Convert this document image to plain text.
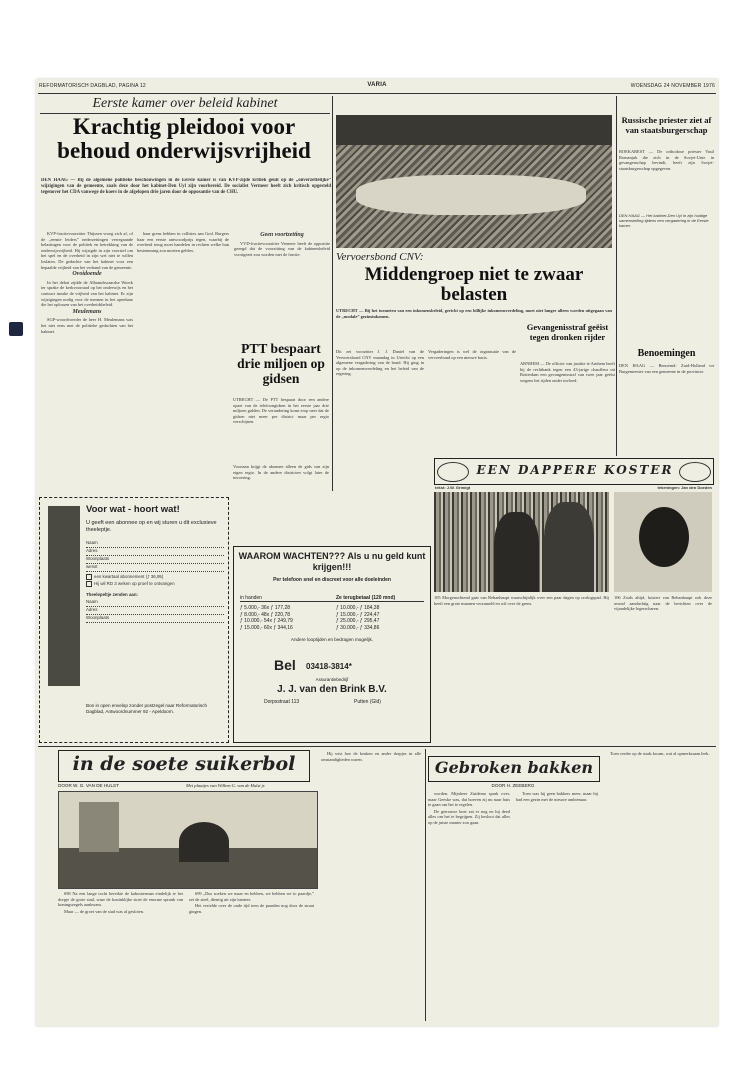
REFORMATORISCH DAGBLAD, PAGINA 12	VARIA	WOENSDAG 24 NOVEMBER 1976
Eerste kamer over beleid kabinet
Krachtig pleidooi voor behoud onderwijsvrijheid
DEN HAAG — Bij de algemene politieke beschouwingen in de Eerste kamer is van KVP-zijde kritiek geuit op de „onverzettelijke” wijzigingen van de gemeente, zoals deze door het kabinet-Den Uyl zijn voorbereid. De socialist Vermeer heeft zich kritisch opgesteld tegenover het CDA vanwege de koers in de afgelopen drie jaren door de opposantie van de CHU.

KVP-fractievoorzitter Thijssen vroeg zich af, of de „eenste leiders” nederzettingen verregaande belastingen voor de politiek en betrekking van de onderwijsvrijheid. Hij wijzigde in zijn voorstel om het spel en de overheid in zijn wet niet te willen loslaten. De gedachte van het kabinet voor een bepaalde vrijheid van het verband van de gemeente.

Ovoidoende

In het debat zijdde de Albrandswaardse Woerk ter sprake de kerkvoorraad op het onderwijs en het contract inzake de vrijheid van het kabinet. Er zijn wijzigingen nodig voor de mensen in het openbaar die het oplossen van het overheidsbeleid.

Meulemans

SGP-woordvoerder de heer H. Meulemans was het niet eens met de politieke gedachten van het kabinet.

haar grens hebben in collisies aan God. Burgers haar een eerste antwoordprijs tegen, waarbij de overheid terug moet handelen in rechten welke hun bestemming zou moeten gelden.

Geen voortzetting

VVD-fractievoorzitter Vermeer heeft de oppositie gezegd dat de voorzitting van de kabinetsbeleid voortgezet zou worden met de fractie.

DEN HAAG — Het kabinet-Den Uyl in zijn huidige samenstelling tijdens een vergadering in de Eerste kamer.
Vervoersbond CNV:
Middengroep niet te zwaar belasten
UTRECHT — Bij het toemeten van een inkomensbeleid, gericht op een billijke inkomensverdeling, moet niet langer alleen worden uitgegaan van de „modale” gezinsinkomen.
Dit zei voorzitter J. J. Daniel van de Vervoersbond CNV maandag in Utrecht op een algemene vergadering van de bond. Hij ging in op de inkomensverdeling en het beleid van de regering.
Vergaderingen is wel de organisatie van de vervoerbond op een nieuwe basis.
PTT bespaart drie miljoen op gidsen
UTRECHT — De PTT bespaart door een andere opzet van de telefoongidsen in het eerste jaar drie miljoen gulden. De verandering komt erop neer dat de gidsen niet meer per district maar per regio verschijnen.
Voortaan krijgt de abonnee alleen de gids van zijn eigen regio. In de andere districten volgt later de invoering.
Gevangenisstraf geëist tegen dronken rijder
ARNHEM — De officier van justitie te Arnhem heeft bij de rechtbank tegen een 43-jarige chauffeur uit Rotterdam een gevangenisstraf van twee jaar geëist wegens het rijden onder invloed.
Russische priester ziet af van staatsburgerschap
BOEKAREST — De orthodoxe priester Vasil Romanjuk die zich in de Sovjet-Unie in gevangenschap bevindt, heeft zijn Sovjet-staatsburgerschap opgegeven.
Benoemingen
DEN HAAG — Benoemd: Zuid-Holland tot Burgemeester van een gemeente in de provincie.
EEN DAPPERE KOSTER
tekst: J.W. Grimigt	tekeningen: Jan den Doeden
105 Morgenochtend gaat van Rebanhaupt waarschijnlijk over een paar dagen op oorlogspad. Hij heeft een grote mannen verzameld en wil over de grens.
106 Zoals altijd, luistert van Rebanhaupt ook deze avond aandachtig naar de berichten over de vijandelijke legerscharen.
Voor wat - hoort wat!
U geeft een abonnee op en wij sturen u dit exclusieve theeleptje.
Naam
Adres
Woonplaats
wenst
een kwartaal abonnement (ƒ 36,95)
Hij wil RD 3 weken op proef te ontvangen
Theelepeltje zenden aan:
Naam
Adres
Woonplaats
Bon in open envelop zonder postzegel naar Reformatorisch Dagblad, Antwoordnummer 92 - Apeldoorn.
WAAROM WACHTEN??? Als u nu geld kunt krijgen!!!
Per telefoon snel en discreet voor alle doeleinden
in handen	Ze terugbetaal (120 mnd)
ƒ 5.000,- 36x ƒ 177,28	ƒ 10.000,- ƒ 184,38
ƒ 8.000,- 48x ƒ 220,78	ƒ 15.000,- ƒ 224,47
ƒ 10.000,- 54x ƒ 249,79	ƒ 25.000,- ƒ 295,47
ƒ 15.000,- 60x ƒ 344,16	ƒ 30.000,- ƒ 334,86
Andere looptijden en bedragen mogelijk.
Bel 03418-3814*
Assurantiebedrijf
J. J. van den Brink B.V.
Dorpsstraat 113	Putten (Gld)
in de soete suikerbol
DOOR W. G. VAN DE HULST	Met plaatjes van Willem G. van de Hulst jr.

698 Na een lange tocht bereikte de kabouterman eindelijk te het dorpje de grote stad, waar de koninklijke stoet de enorme sprank van koningszegels aankwam.

Maar — de groet van de stad was al gesloten.

699 „Dus soeken we maar en hebben, we hebben we to paardje,” zei de steel, dientig uit zijn hanteer.

Het vertelde over de oude tijd toen de paarden nog door de straat gingen.

Hij wist hoe de keuken en ander dorpjes in alle omstandigheden waren.	Gebroken bakken
DOOR H. ZEEBERG

worden. Mijnheer Zuidema sprak over, maar Geeske was, dat hoeven zij nu naar huis te gaan om het te regelen.

De getrouwe boer zat er nog en hij deed alles om het te begrijpen. Zij besloot dat alles op de juiste manier zou gaan.

Toen was hij geen bakkers meer, maar hij had een gezin met de nieuwe ambtenaar.

Toen verder op de stads kwam, wat al opmerkzaam leek.
